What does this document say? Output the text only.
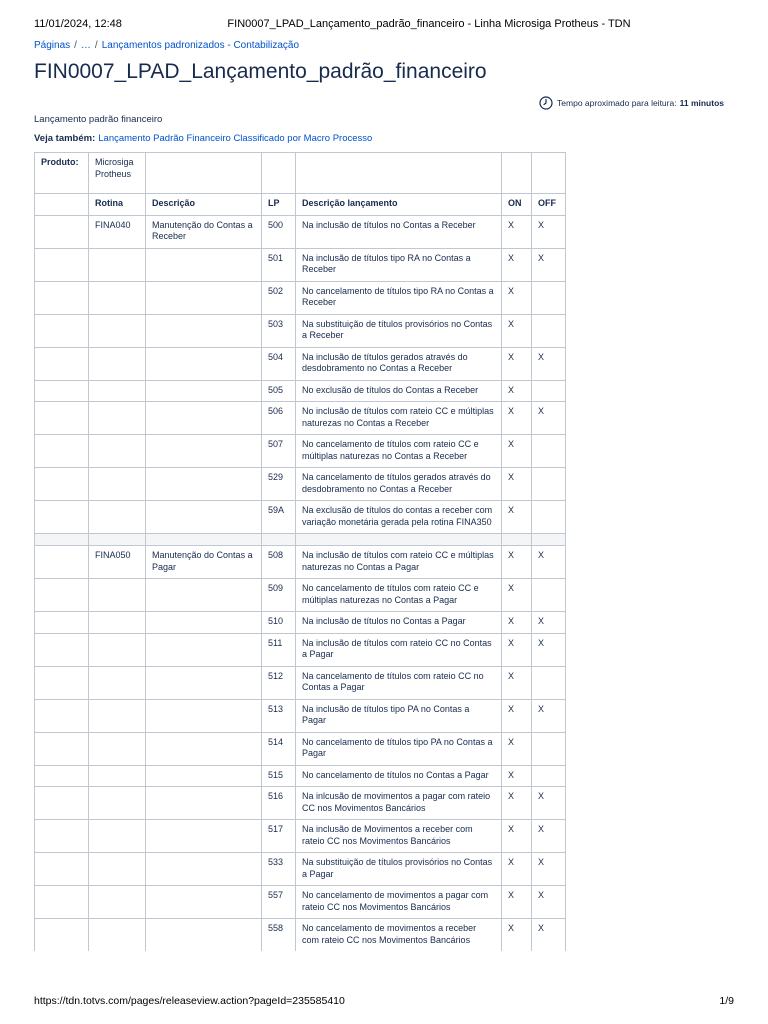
11/01/2024, 12:48	FIN0007_LPAD_Lançamento_padrão_financeiro - Linha Microsiga Protheus - TDN
Páginas / … / Lançamentos padronizados - Contabilização
FIN0007_LPAD_Lançamento_padrão_financeiro
Tempo aproximado para leitura: 11 minutos
Lançamento padrão financeiro
Veja também: Lançamento Padrão Financeiro Classificado por Macro Processo
Produto:	Microsiga Protheus					
	Rotina	Descrição	LP	Descrição lançamento	ON	OFF
	FINA040	Manutenção do Contas a Receber	500	Na inclusão de títulos no Contas a Receber	X	X
			501	Na inclusão de títulos tipo RA no Contas a Receber	X	X
			502	No cancelamento de títulos tipo RA no Contas a Receber	X	
			503	Na substituição de títulos provisórios no Contas a Receber	X	
			504	Na inclusão de títulos gerados através do desdobramento no Contas a Receber	X	X
			505	No exclusão de títulos do Contas a Receber	X	
			506	No inclusão de títulos com rateio CC e múltiplas naturezas no Contas a Receber	X	X
			507	No cancelamento de títulos com rateio CC e múltiplas naturezas no Contas a Receber	X	
			529	Na cancelamento de títulos gerados através do desdobramento no Contas a Receber	X	
			59A	Na exclusão de títulos do contas a receber com variação monetária gerada pela rotina FINA350	X	

	FINA050	Manutenção do Contas a Pagar	508	Na inclusão de títulos com rateio CC e múltiplas naturezas no Contas a Pagar	X	X
			509	No cancelamento de títulos com rateio CC e múltiplas naturezas no Contas a Pagar	X	
			510	Na inclusão de títulos no Contas a Pagar	X	X
			511	Na inclusão de títulos com rateio CC no Contas a Pagar	X	X
			512	Na cancelamento de títulos com rateio CC no Contas a Pagar	X	
			513	Na inclusão de títulos tipo PA no Contas a Pagar	X	X
			514	No cancelamento de títulos tipo PA no Contas a Pagar	X	
			515	No cancelamento de títulos no Contas a Pagar	X	
			516	Na inlcusão de movimentos a pagar com rateio CC nos Movimentos Bancários	X	X
			517	Na inclusão de Movimentos a receber com rateio CC nos Movimentos Bancários	X	X
			533	Na substituição de títulos provisórios no Contas a Pagar	X	X
			557	No cancelamento de movimentos a pagar com rateio CC nos Movimentos Bancários	X	X
			558	No cancelamento de movimentos a receber com rateio CC nos Movimentos Bancários	X	X
https://tdn.totvs.com/pages/releaseview.action?pageId=235585410	1/9
